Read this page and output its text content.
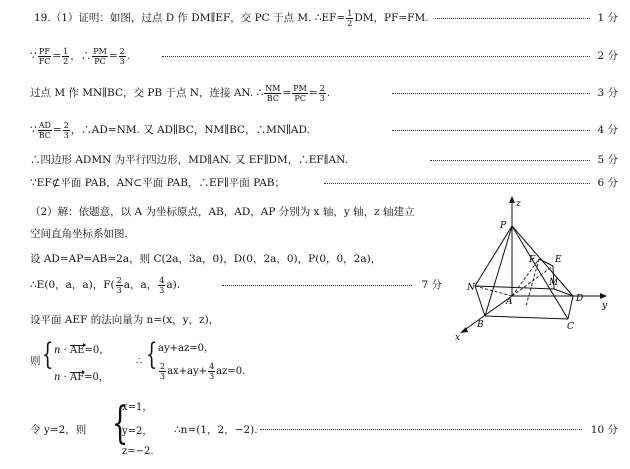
19.（1）证明：如图，过点 D 作 DM∥EF，交 PC 于点 M. ∴EF= $\frac{1}{2}$ DM，PF=FM.	1 分
∵ $\frac{PF}{FC} = \frac{1}{2}$ ，∴ $\frac{PM}{PC} = \frac{2}{3}$ .	2 分
过点 M 作 MN∥BC，交 PB 于点 N，连接 AN. ∴ $\frac{NM}{BC} = \frac{PM}{PC} = \frac{2}{3}$ .	3 分
∵ $\frac{AD}{BC} = \frac{2}{3}$ ，∴AD=NM. 又 AD∥BC，NM∥BC，∴MN∥AD.	4 分
∴四边形 ADMN 为平行四边形，MD∥AN. 又 EF∥DM，∴EF∥AN.	5 分
∵EF⊄平面 PAB，AN⊂平面 PAB，∴EF∥平面 PAB；	6 分
（2）解：依题意，以 A 为坐标原点，AB，AD，AP 分别为 x 轴，y 轴，z 轴建立
空间直角坐标系如图.
设 AD=AP=AB=2a，则 C(2a，3a，0)，D(0，2a，0)，P(0，0，2a)，
∴E(0，a，a)，$F( \frac{2}{3}$ a，a， $\frac{4}{3} a$).	7 分
设平面 AEF 的法向量为 n=(x，y，z)，
则 { n · AE=0，
n · AF=0，
∴ { ay+az=0，
$\frac{2}{3} ax+ay+ \frac{4}{3} az=0$.
令 y=2，则 {
x=1，
y=2，
z=−2.
∴n=(1，2，−2).	10 分
z
P
F E
M
N
A	D
y
B	C
x
